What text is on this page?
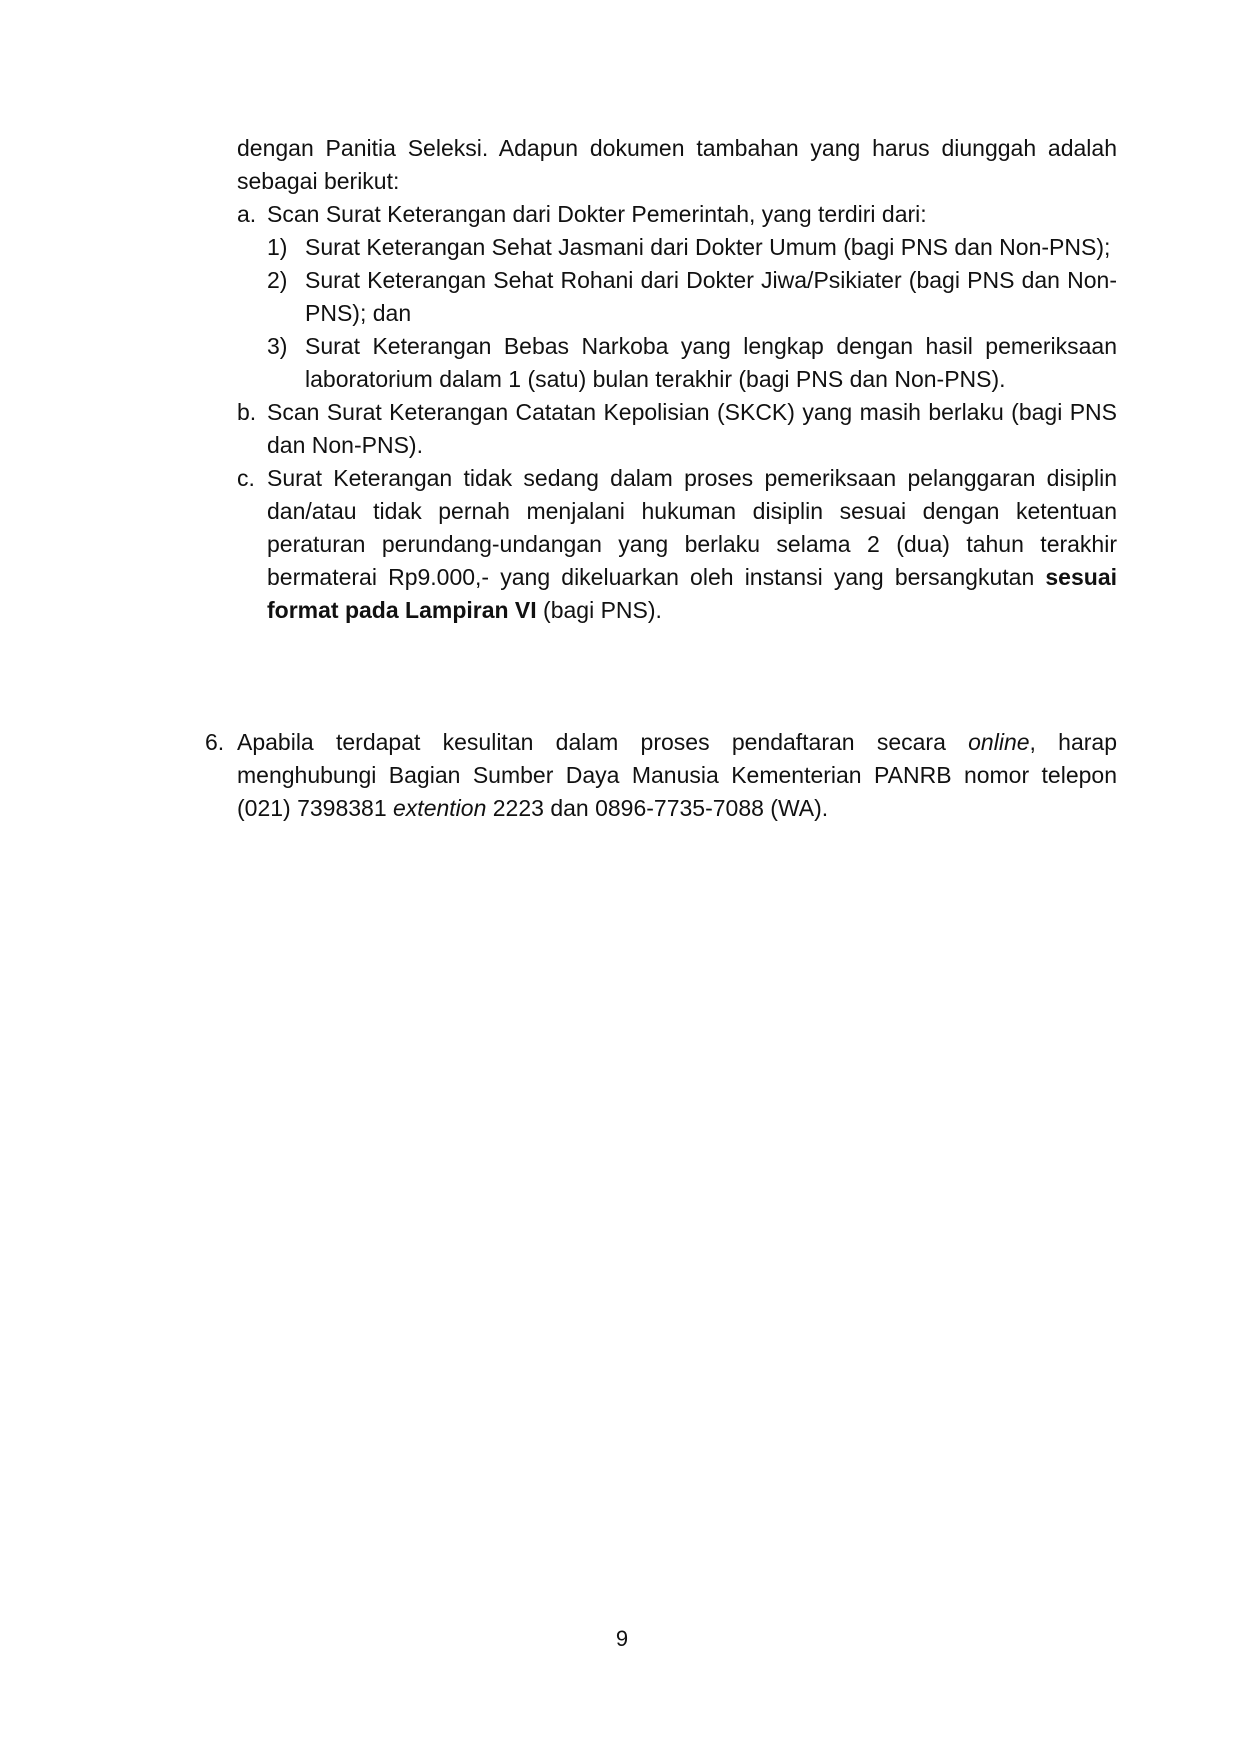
dengan Panitia Seleksi. Adapun dokumen tambahan yang harus diunggah adalah sebagai berikut:

a. Scan Surat Keterangan dari Dokter Pemerintah, yang terdiri dari:

1) Surat Keterangan Sehat Jasmani dari Dokter Umum (bagi PNS dan Non-PNS);
2) Surat Keterangan Sehat Rohani dari Dokter Jiwa/Psikiater (bagi PNS dan Non-PNS); dan
3) Surat Keterangan Bebas Narkoba yang lengkap dengan hasil pemeriksaan laboratorium dalam 1 (satu) bulan terakhir (bagi PNS dan Non-PNS).
b. Scan Surat Keterangan Catatan Kepolisian (SKCK) yang masih berlaku (bagi PNS dan Non-PNS).
c. Surat Keterangan tidak sedang dalam proses pemeriksaan pelanggaran disiplin dan/atau tidak pernah menjalani hukuman disiplin sesuai dengan ketentuan peraturan perundang-undangan yang berlaku selama 2 (dua) tahun terakhir bermaterai Rp9.000,- yang dikeluarkan oleh instansi yang bersangkutan sesuai format pada Lampiran VI (bagi PNS).

6. Apabila terdapat kesulitan dalam proses pendaftaran secara online, harap menghubungi Bagian Sumber Daya Manusia Kementerian PANRB nomor telepon (021) 7398381 extention 2223 dan 0896-7735-7088 (WA).

9
